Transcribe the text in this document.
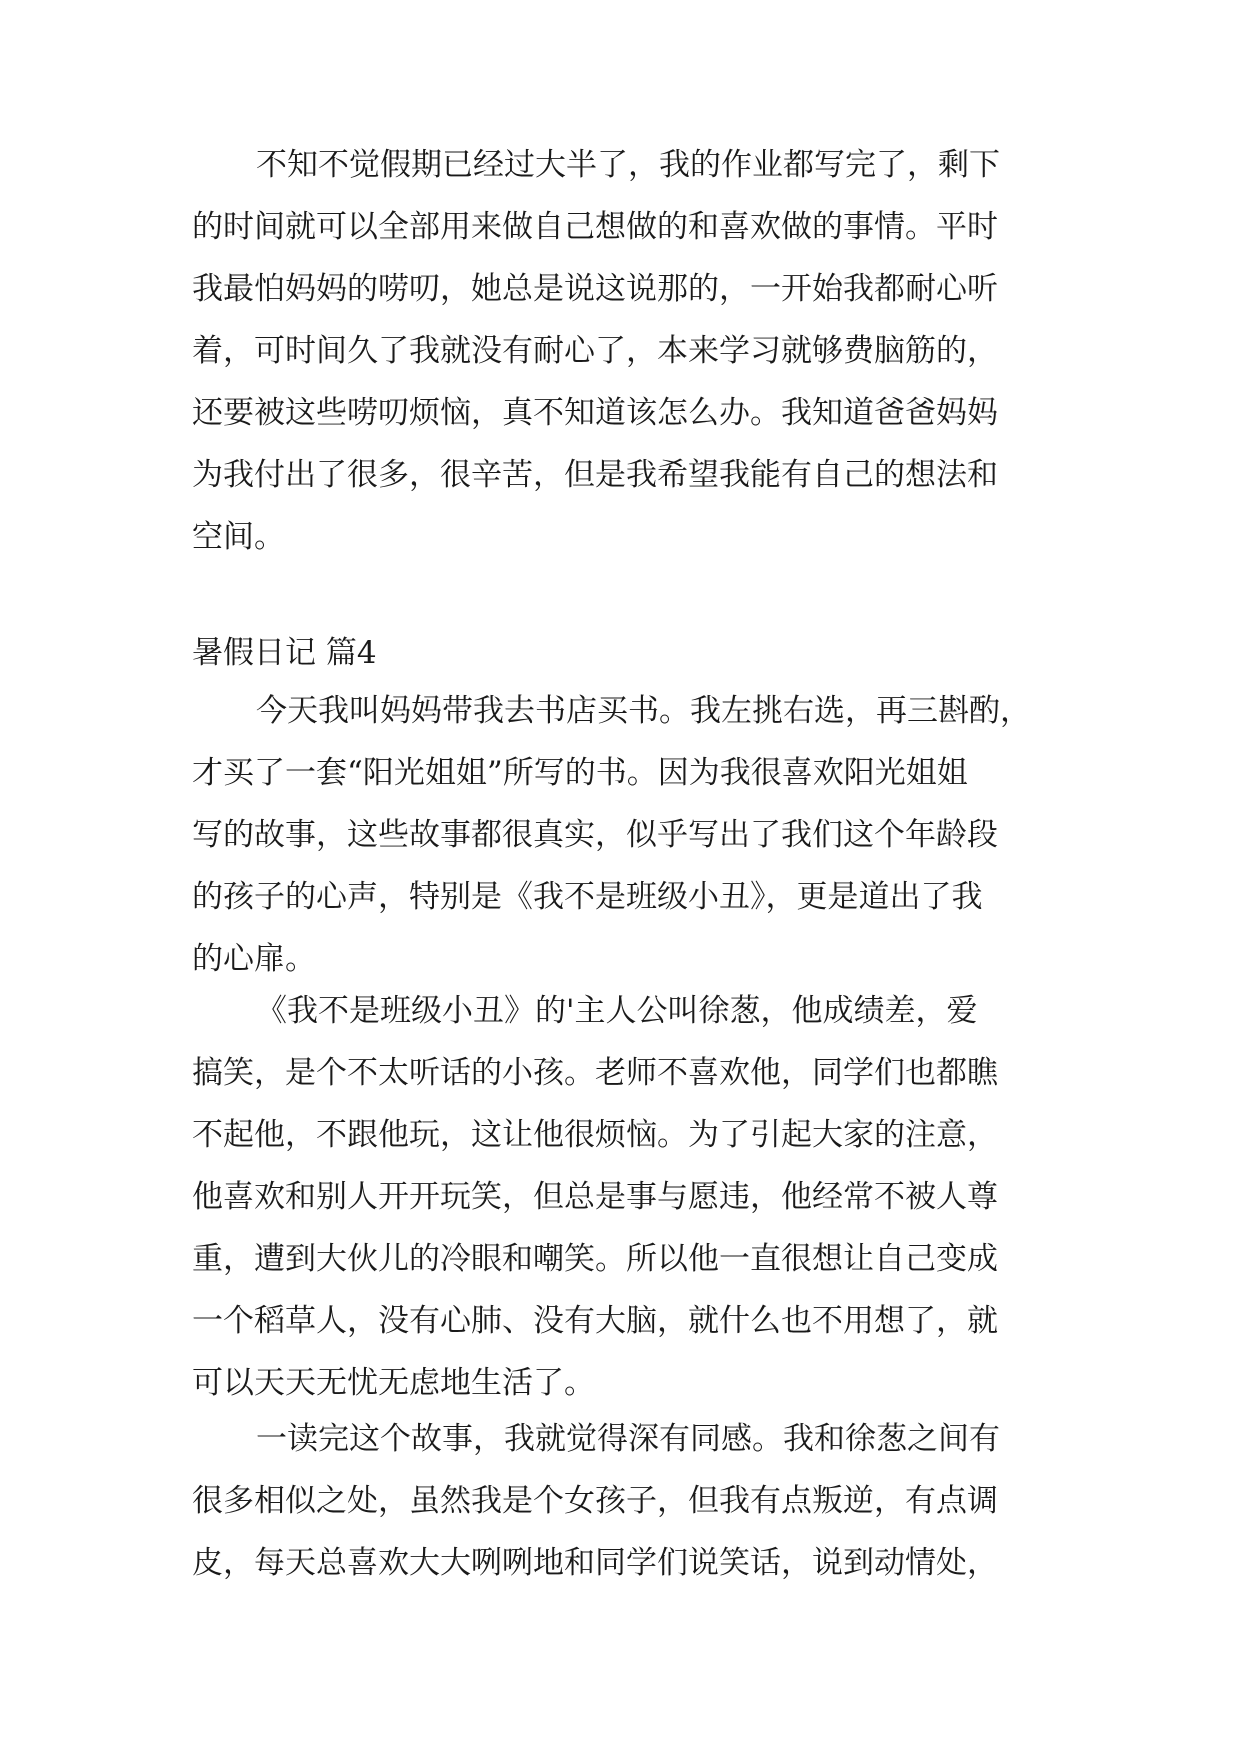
不知不觉假期已经过大半了，我的作业都写完了，剩下
的时间就可以全部用来做自己想做的和喜欢做的事情。平时
我最怕妈妈的唠叨，她总是说这说那的，一开始我都耐心听
着，可时间久了我就没有耐心了，本来学习就够费脑筋的，
还要被这些唠叨烦恼，真不知道该怎么办。我知道爸爸妈妈
为我付出了很多，很辛苦，但是我希望我能有自己的想法和
空间。
暑假日记 篇4
今天我叫妈妈带我去书店买书。我左挑右选，再三斟酌，
才买了一套“阳光姐姐”所写的书。因为我很喜欢阳光姐姐
写的故事，这些故事都很真实，似乎写出了我们这个年龄段
的孩子的心声，特别是《我不是班级小丑》，更是道出了我
的心扉。
《我不是班级小丑》的'主人公叫徐葱，他成绩差，爱
搞笑，是个不太听话的小孩。老师不喜欢他，同学们也都瞧
不起他，不跟他玩，这让他很烦恼。为了引起大家的注意，
他喜欢和别人开开玩笑，但总是事与愿违，他经常不被人尊
重，遭到大伙儿的冷眼和嘲笑。所以他一直很想让自己变成
一个稻草人，没有心肺、没有大脑，就什么也不用想了，就
可以天天无忧无虑地生活了。
一读完这个故事，我就觉得深有同感。我和徐葱之间有
很多相似之处，虽然我是个女孩子，但我有点叛逆，有点调
皮，每天总喜欢大大咧咧地和同学们说笑话，说到动情处，
